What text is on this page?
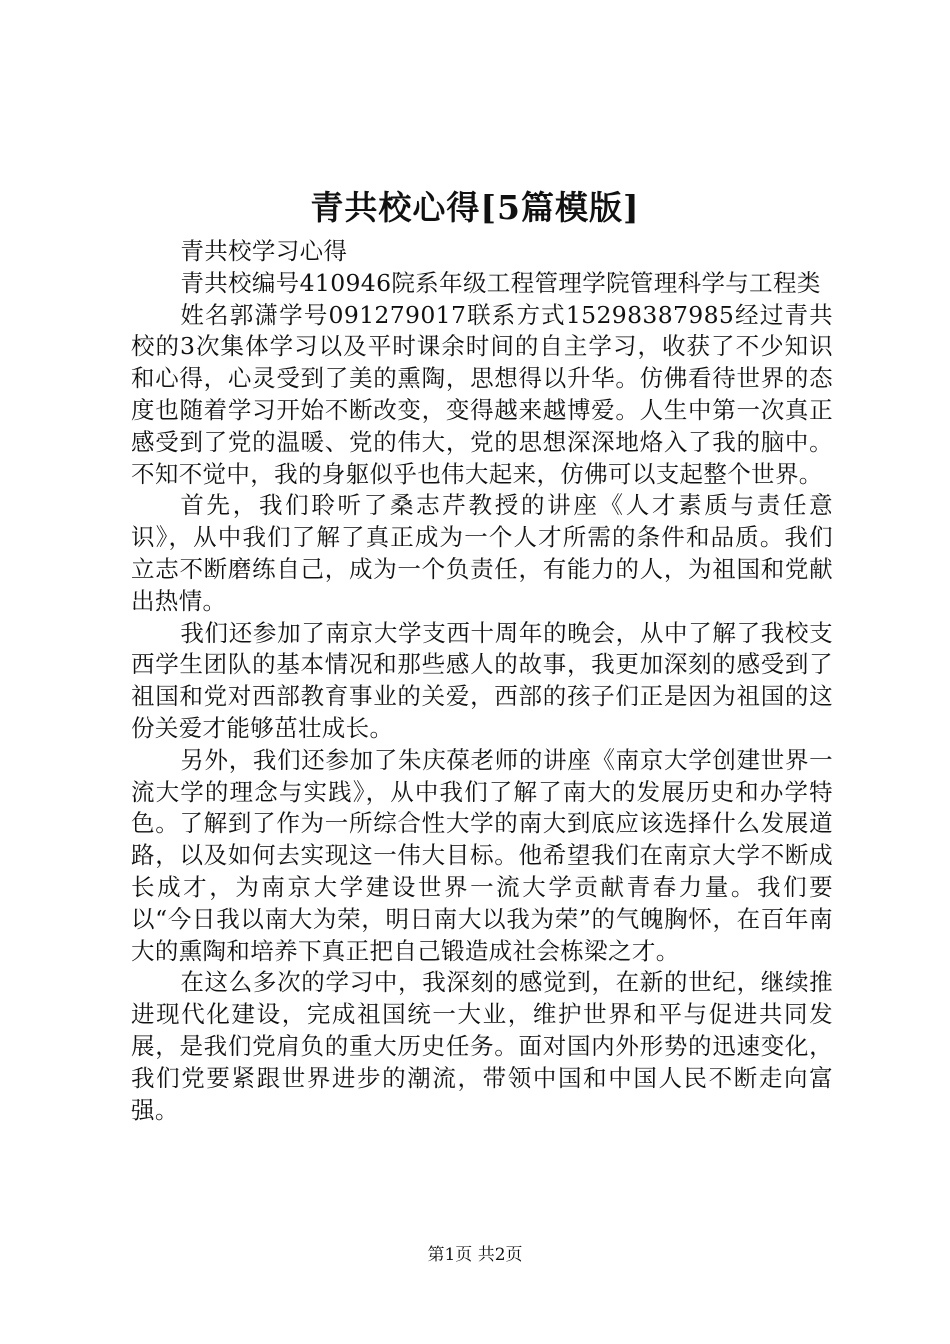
青共校心得[5篇模版]

青共校学习心得

青共校编号410946院系年级工程管理学院管理科学与工程类

姓名郭潇学号091279017联系方式15298387985经过青共校的3次集体学习以及平时课余时间的自主学习，收获了不少知识和心得，心灵受到了美的熏陶，思想得以升华。仿佛看待世界的态度也随着学习开始不断改变，变得越来越博爱。人生中第一次真正感受到了党的温暖、党的伟大，党的思想深深地烙入了我的脑中。不知不觉中，我的身躯似乎也伟大起来，仿佛可以支起整个世界。

首先，我们聆听了桑志芹教授的讲座《人才素质与责任意识》，从中我们了解了真正成为一个人才所需的条件和品质。我们立志不断磨练自己，成为一个负责任，有能力的人，为祖国和党献出热情。

我们还参加了南京大学支西十周年的晚会，从中了解了我校支西学生团队的基本情况和那些感人的故事，我更加深刻的感受到了祖国和党对西部教育事业的关爱，西部的孩子们正是因为祖国的这份关爱才能够茁壮成长。

另外，我们还参加了朱庆葆老师的讲座《南京大学创建世界一流大学的理念与实践》，从中我们了解了南大的发展历史和办学特色。了解到了作为一所综合性大学的南大到底应该选择什么发展道路，以及如何去实现这一伟大目标。他希望我们在南京大学不断成长成才，为南京大学建设世界一流大学贡献青春力量。我们要以“今日我以南大为荣，明日南大以我为荣”的气魄胸怀，在百年南大的熏陶和培养下真正把自己锻造成社会栋梁之才。

在这么多次的学习中，我深刻的感觉到，在新的世纪，继续推进现代化建设，完成祖国统一大业，维护世界和平与促进共同发展，是我们党肩负的重大历史任务。面对国内外形势的迅速变化，我们党要紧跟世界进步的潮流，带领中国和中国人民不断走向富强。

第1页 共2页
